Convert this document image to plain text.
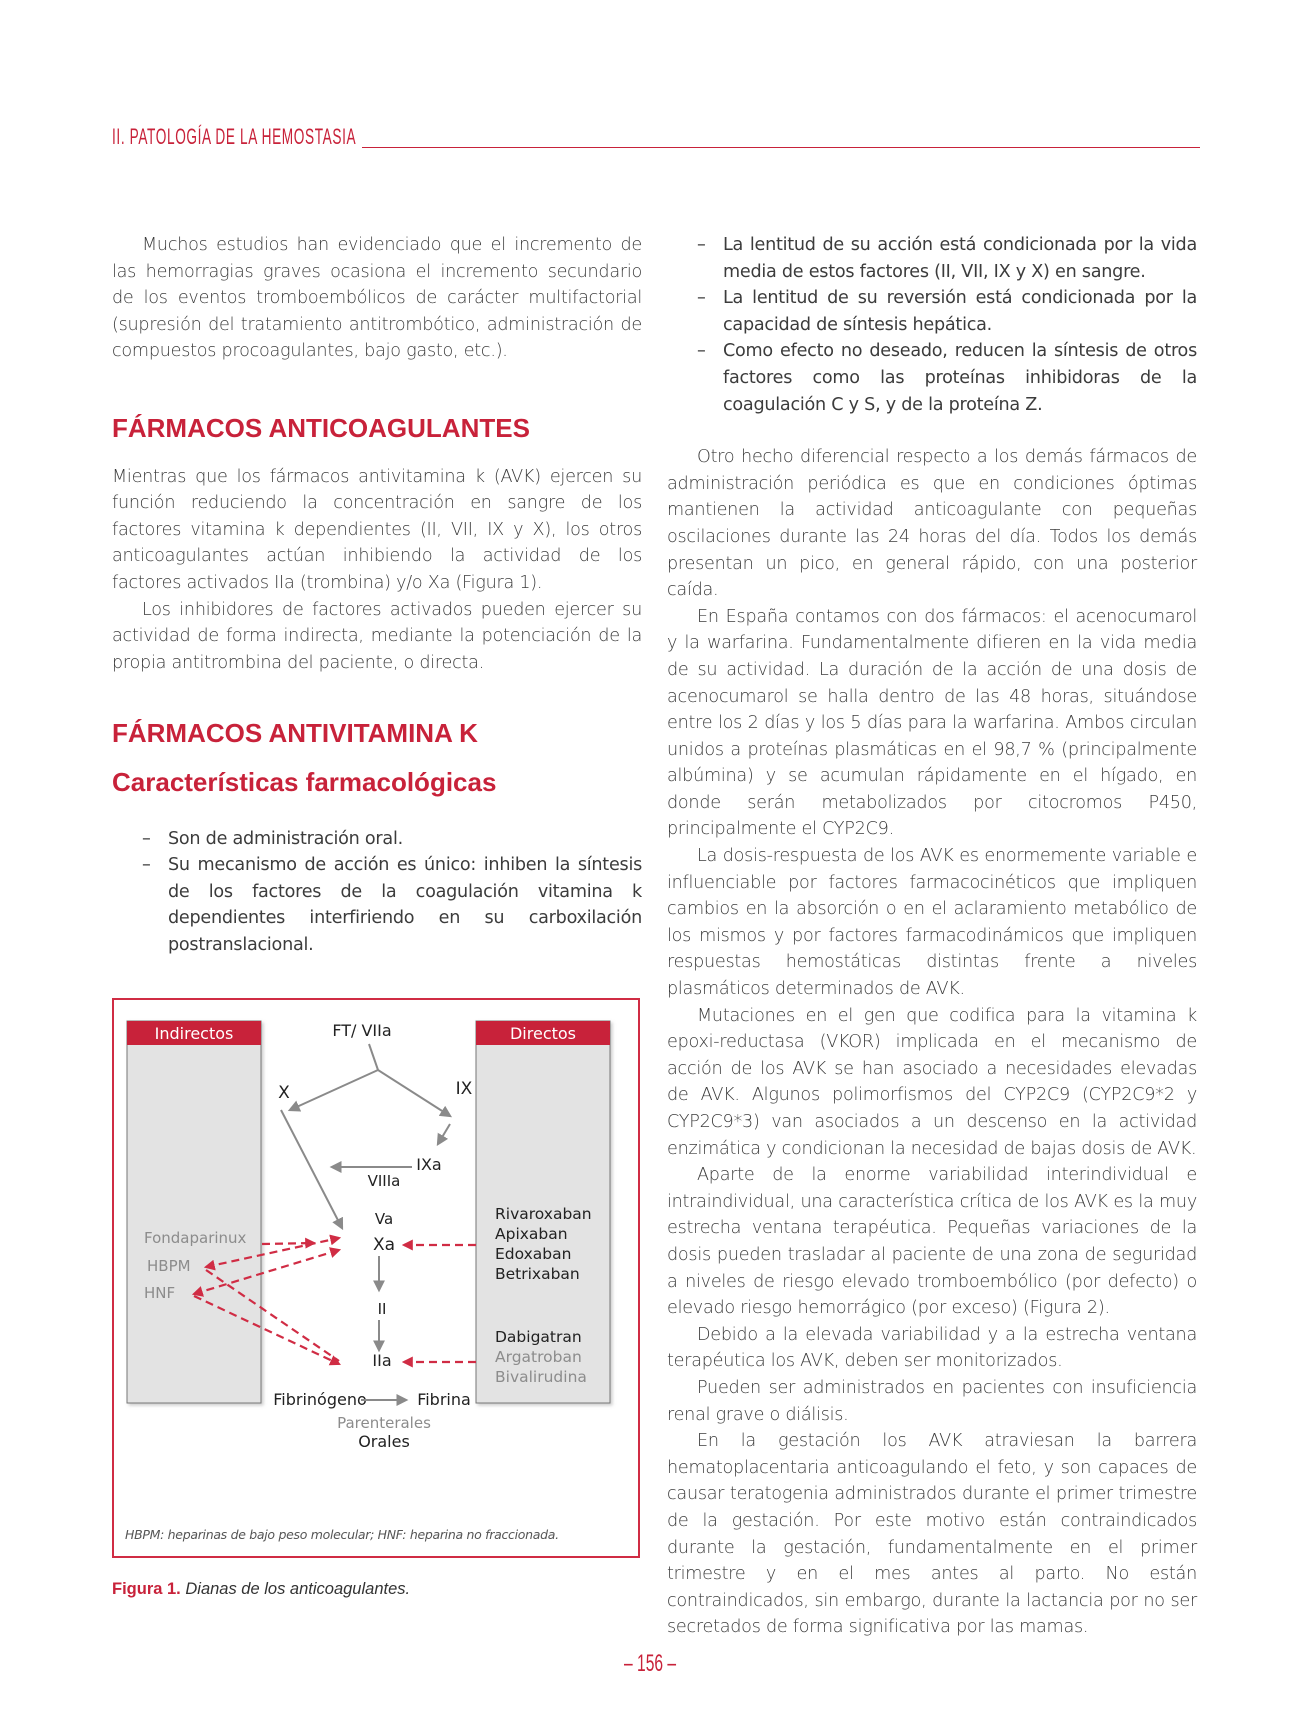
II. PATOLOGÍA DE LA HEMOSTASIA

Muchos estudios han evidenciado que el incremento de las hemorragias graves ocasiona el incremento secundario de los eventos tromboembólicos de carácter multifactorial (supresión del tratamiento antitrombótico, administración de compuestos procoagulantes, bajo gasto, etc.).

FÁRMACOS ANTICOAGULANTES

Mientras que los fármacos antivitamina k (AVK) ejercen su función reduciendo la concentración en sangre de los factores vitamina k dependientes (II, VII, IX y X), los otros anticoagulantes actúan inhibiendo la actividad de los factores activados IIa (trombina) y/o Xa (Figura 1).

Los inhibidores de factores activados pueden ejercer su actividad de forma indirecta, mediante la potenciación de la propia antitrombina del paciente, o directa.

FÁRMACOS ANTIVITAMINA K
Características farmacológicas
– Son de administración oral.
– Su mecanismo de acción es único: inhiben la síntesis de los factores de la coagulación vitamina k dependientes interfiriendo en su carboxilación postranslacional.
Indirectos	Directos
FT/ VIIa
X	IX
IXa
VIIIa
Va
Xa
II
IIa
Fibrinógeno	Fibrina
Fondaparinux
HBPM
HNF
Rivaroxaban
Apixaban
Edoxaban
Betrixaban
Dabigatran
Argatroban
Bivalirudina
Parenterales
Orales
HBPM: heparinas de bajo peso molecular; HNF: heparina no fraccionada.
Figura 1. Dianas de los anticoagulantes.
– La lentitud de su acción está condicionada por la vida media de estos factores (II, VII, IX y X) en sangre.
– La lentitud de su reversión está condicionada por la capacidad de síntesis hepática.
– Como efecto no deseado, reducen la síntesis de otros factores como las proteínas inhibidoras de la coagulación C y S, y de la proteína Z.

Otro hecho diferencial respecto a los demás fármacos de administración periódica es que en condiciones óptimas mantienen la actividad anticoagulante con pequeñas oscilaciones durante las 24 horas del día. Todos los demás presentan un pico, en general rápido, con una posterior caída.

En España contamos con dos fármacos: el acenocumarol y la warfarina. Fundamentalmente difieren en la vida media de su actividad. La duración de la acción de una dosis de acenocumarol se halla dentro de las 48 horas, situándose entre los 2 días y los 5 días para la warfarina. Ambos circulan unidos a proteínas plasmáticas en el 98,7 % (principalmente albúmina) y se acumulan rápidamente en el hígado, en donde serán metabolizados por citocromos P450, principalmente el CYP2C9.

La dosis-respuesta de los AVK es enormemente variable e influenciable por factores farmacocinéticos que impliquen cambios en la absorción o en el aclaramiento metabólico de los mismos y por factores farmacodinámicos que impliquen respuestas hemostáticas distintas frente a niveles plasmáticos determinados de AVK.

Mutaciones en el gen que codifica para la vitamina k epoxi-reductasa (VKOR) implicada en el mecanismo de acción de los AVK se han asociado a necesidades elevadas de AVK. Algunos polimorfismos del CYP2C9 (CYP2C9*2 y CYP2C9*3) van asociados a un descenso en la actividad enzimática y condicionan la necesidad de bajas dosis de AVK.

Aparte de la enorme variabilidad interindividual e intraindividual, una característica crítica de los AVK es la muy estrecha ventana terapéutica. Pequeñas variaciones de la dosis pueden trasladar al paciente de una zona de seguridad a niveles de riesgo elevado tromboembólico (por defecto) o elevado riesgo hemorrágico (por exceso) (Figura 2).

Debido a la elevada variabilidad y a la estrecha ventana terapéutica los AVK, deben ser monitorizados.

Pueden ser administrados en pacientes con insuficiencia renal grave o diálisis.

En la gestación los AVK atraviesan la barrera hematoplacentaria anticoagulando el feto, y son capaces de causar teratogenia administrados durante el primer trimestre de la gestación. Por este motivo están contraindicados durante la gestación, fundamentalmente en el primer trimestre y en el mes antes al parto. No están contraindicados, sin embargo, durante la lactancia por no ser secretados de forma significativa por las mamas.

– 156 –
